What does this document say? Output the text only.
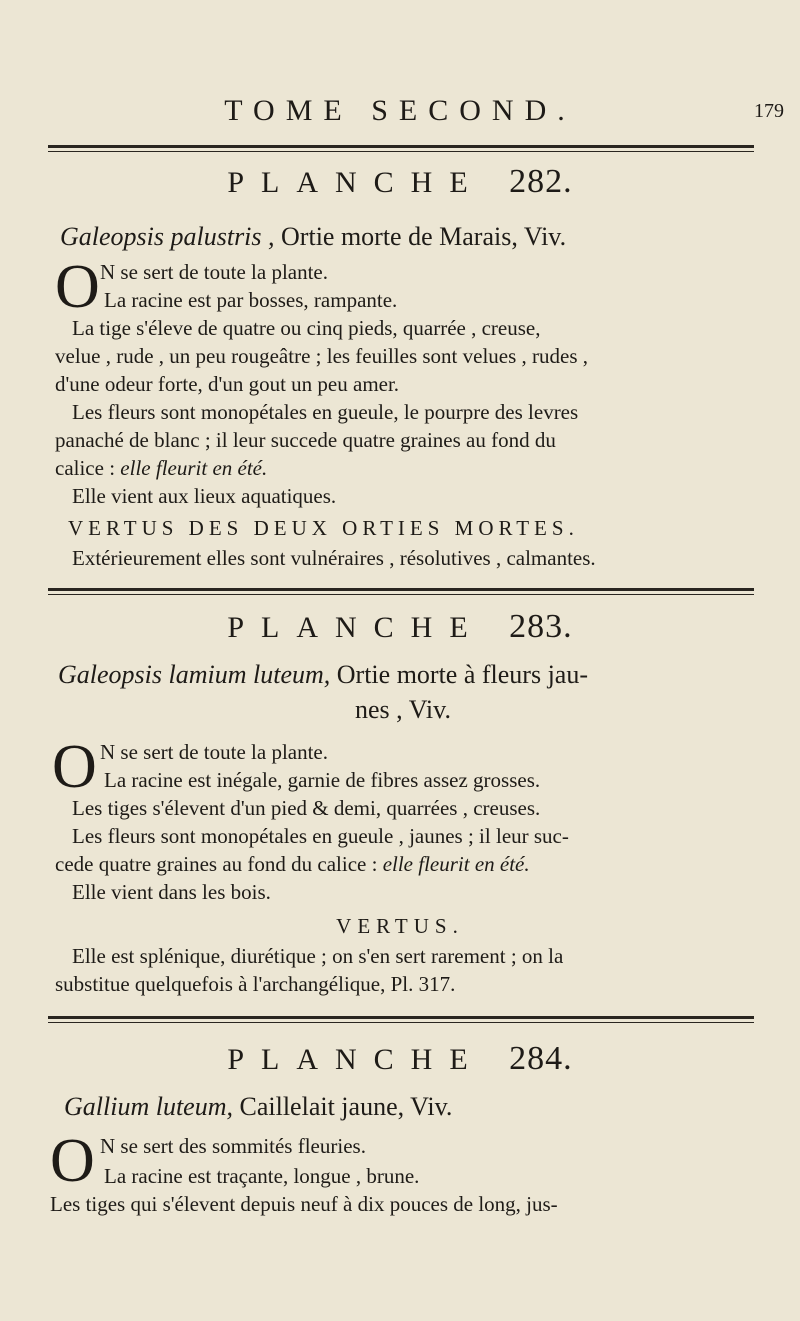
TOME SECOND.	179
PLANCHE 282.
Galeopsis palustris , Ortie morte de Marais, Viv.
O N se sert de toute la plante.
La racine est par bosses, rampante.
La tige s'éleve de quatre ou cinq pieds, quarrée , creuse,
velue , rude , un peu rougeâtre ; les feuilles sont velues , rudes ,
d'une odeur forte, d'un gout un peu amer.
Les fleurs sont monopétales en gueule, le pourpre des levres
panaché de blanc ; il leur succede quatre graines au fond du
calice : elle fleurit en été.
Elle vient aux lieux aquatiques.
VERTUS DES DEUX ORTIES MORTES.
Extérieurement elles sont vulnéraires , résolutives , calmantes.
PLANCHE 283.
Galeopsis lamium luteum, Ortie morte à fleurs jau-
nes , Viv.
O N se sert de toute la plante.
La racine est inégale, garnie de fibres assez grosses.
Les tiges s'élevent d'un pied & demi, quarrées , creuses.
Les fleurs sont monopétales en gueule , jaunes ; il leur suc-
cede quatre graines au fond du calice : elle fleurit en été.
Elle vient dans les bois.
VERTUS.
Elle est splénique, diurétique ; on s'en sert rarement ; on la
substitue quelquefois à l'archangélique, Pl. 317.
PLANCHE 284.
Gallium luteum, Caillelait jaune, Viv.
O N se sert des sommités fleuries.
La racine est traçante, longue , brune.
Les tiges qui s'élevent depuis neuf à dix pouces de long, jus-
